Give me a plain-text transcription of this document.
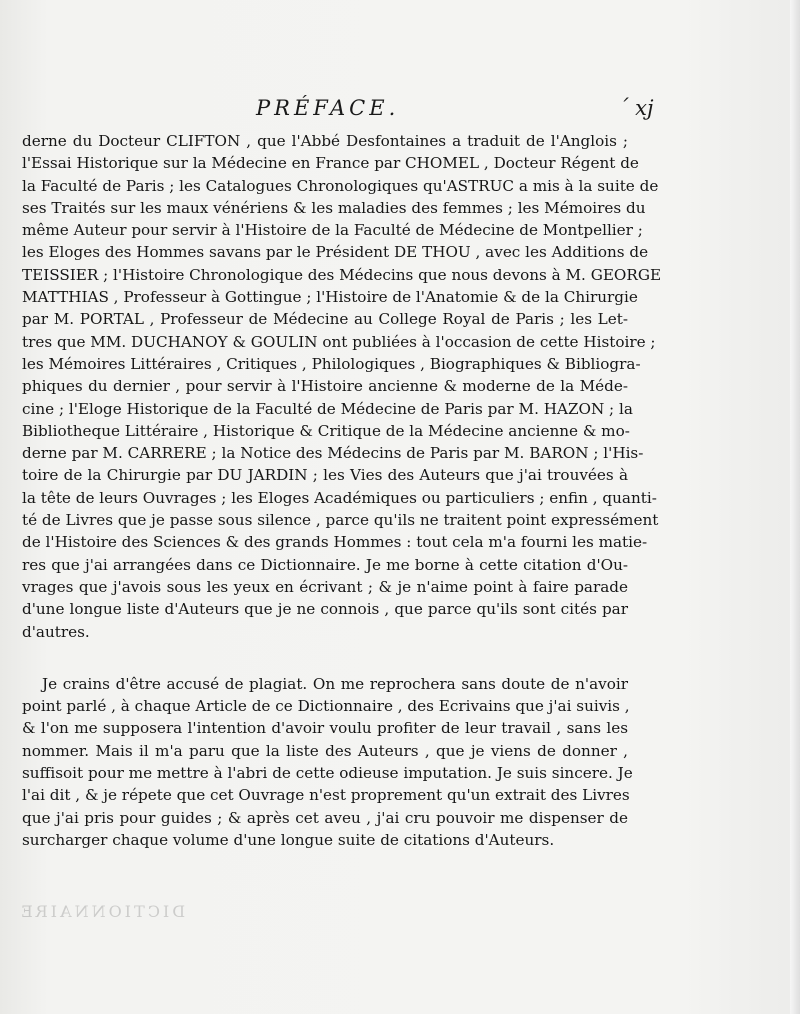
DICTIONNAIRE
PRÉFACE.	´ xj
derne du Docteur CLIFTON , que l'Abbé Desfontaines a traduit de l'Anglois ;
l'Essai Historique sur la Médecine en France par CHOMEL , Docteur Régent de
la Faculté de Paris ; les Catalogues Chronologiques qu'ASTRUC a mis à la suite de
ses Traités sur les maux vénériens & les maladies des femmes ; les Mémoires du
même Auteur pour servir à l'Histoire de la Faculté de Médecine de Montpellier ;
les Eloges des Hommes savans par le Président DE THOU , avec les Additions de
TEISSIER ; l'Histoire Chronologique des Médecins que nous devons à M. GEORGE
MATTHIAS , Professeur à Gottingue ; l'Histoire de l'Anatomie & de la Chirurgie
par M. PORTAL , Professeur de Médecine au College Royal de Paris ; les Let-
tres que MM. DUCHANOY & GOULIN ont publiées à l'occasion de cette Histoire ;
les Mémoires Littéraires , Critiques , Philologiques , Biographiques & Bibliogra-
phiques du dernier , pour servir à l'Histoire ancienne & moderne de la Méde-
cine ; l'Eloge Historique de la Faculté de Médecine de Paris par M. HAZON ; la
Bibliotheque Littéraire , Historique & Critique de la Médecine ancienne & mo-
derne par M. CARRERE ; la Notice des Médecins de Paris par M. BARON ; l'His-
toire de la Chirurgie par DU JARDIN ; les Vies des Auteurs que j'ai trouvées à
la tête de leurs Ouvrages ; les Eloges Académiques ou particuliers ; enfin , quanti-
té de Livres que je passe sous silence , parce qu'ils ne traitent point expressément
de l'Histoire des Sciences & des grands Hommes : tout cela m'a fourni les matie-
res que j'ai arrangées dans ce Dictionnaire. Je me borne à cette citation d'Ou-
vrages que j'avois sous les yeux en écrivant ; & je n'aime point à faire parade
d'une longue liste d'Auteurs que je ne connois , que parce qu'ils sont cités par
d'autres.
Je crains d'être accusé de plagiat. On me reprochera sans doute de n'avoir
point parlé , à chaque Article de ce Dictionnaire , des Ecrivains que j'ai suivis ,
& l'on me supposera l'intention d'avoir voulu profiter de leur travail , sans les
nommer. Mais il m'a paru que la liste des Auteurs , que je viens de donner ,
suffisoit pour me mettre à l'abri de cette odieuse imputation. Je suis sincere. Je
l'ai dit , & je répete que cet Ouvrage n'est proprement qu'un extrait des Livres
que j'ai pris pour guides ; & après cet aveu , j'ai cru pouvoir me dispenser de
surcharger chaque volume d'une longue suite de citations d'Auteurs.
